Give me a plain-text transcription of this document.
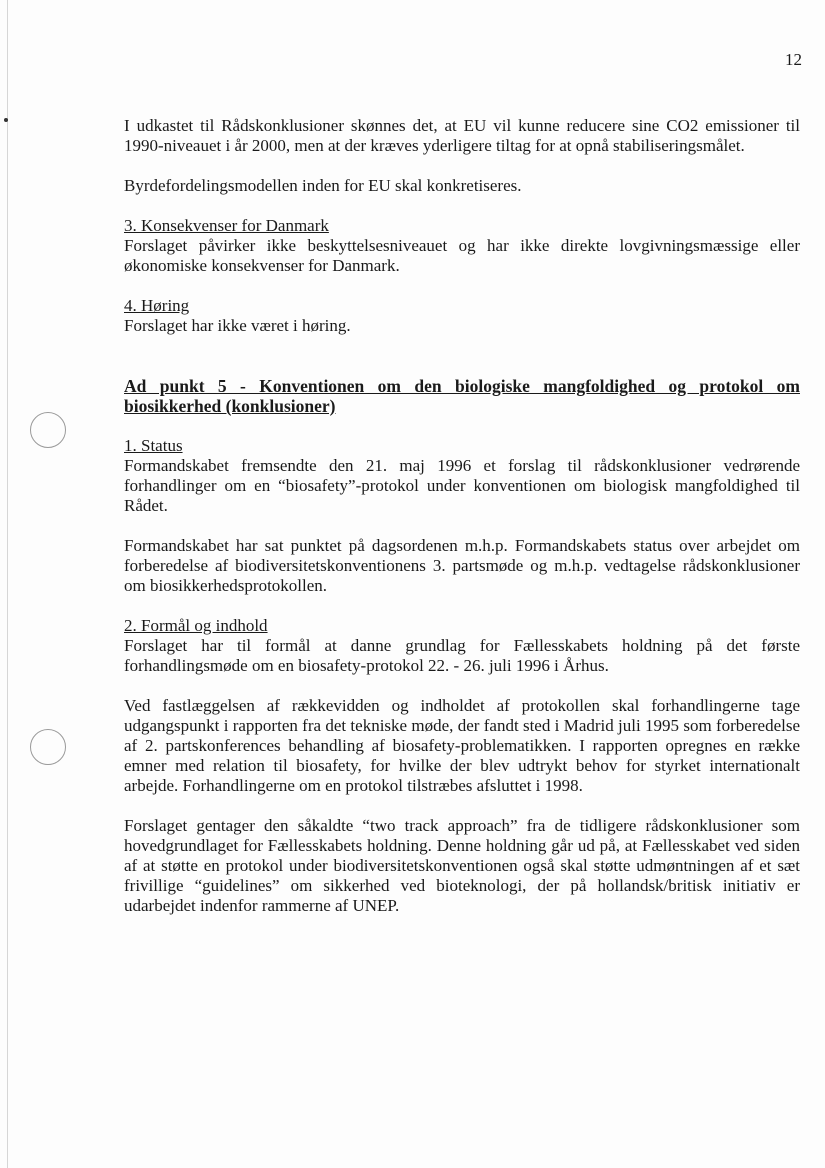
12

I udkastet til Rådskonklusioner skønnes det, at EU vil kunne reducere sine CO2 emissioner til 1990-niveauet i år 2000, men at der kræves yderligere tiltag for at opnå stabiliseringsmålet.

Byrdefordelingsmodellen inden for EU skal konkretiseres.

3. Konsekvenser for Danmark

Forslaget påvirker ikke beskyttelsesniveauet og har ikke direkte lovgivningsmæssige eller økonomiske konsekvenser for Danmark.

4. Høring

Forslaget har ikke været i høring.

Ad punkt 5 - Konventionen om den biologiske mangfoldighed og protokol om biosikkerhed (konklusioner)

1. Status

Formandskabet fremsendte den 21. maj 1996 et forslag til rådskonklusioner vedrørende forhandlinger om en “biosafety”-protokol under konventionen om biologisk mangfoldighed til Rådet.

Formandskabet har sat punktet på dagsordenen m.h.p. Formandskabets status over arbejdet om forberedelse af biodiversitetskonventionens 3. partsmøde og m.h.p. vedtagelse rådskonklusioner om biosikkerhedsprotokollen.

2. Formål og indhold

Forslaget har til formål at danne grundlag for Fællesskabets holdning på det første forhandlingsmøde om en biosafety-protokol 22. - 26. juli 1996 i Århus.

Ved fastlæggelsen af rækkevidden og indholdet af protokollen skal forhandlingerne tage udgangspunkt i rapporten fra det tekniske møde, der fandt sted i Madrid juli 1995 som forberedelse af 2. partskonferences behandling af biosafety-problematikken. I rapporten opregnes en række emner med relation til biosafety, for hvilke der blev udtrykt behov for styrket internationalt arbejde. Forhandlingerne om en protokol tilstræbes afsluttet i 1998.

Forslaget gentager den såkaldte “two track approach” fra de tidligere rådskonklusioner som hovedgrundlaget for Fællesskabets holdning. Denne holdning går ud på, at Fællesskabet ved siden af at støtte en protokol under biodiversitetskonventionen også skal støtte udmøntningen af et sæt frivillige “guidelines” om sikkerhed ved bioteknologi, der på hollandsk/britisk initiativ er udarbejdet indenfor rammerne af UNEP.
